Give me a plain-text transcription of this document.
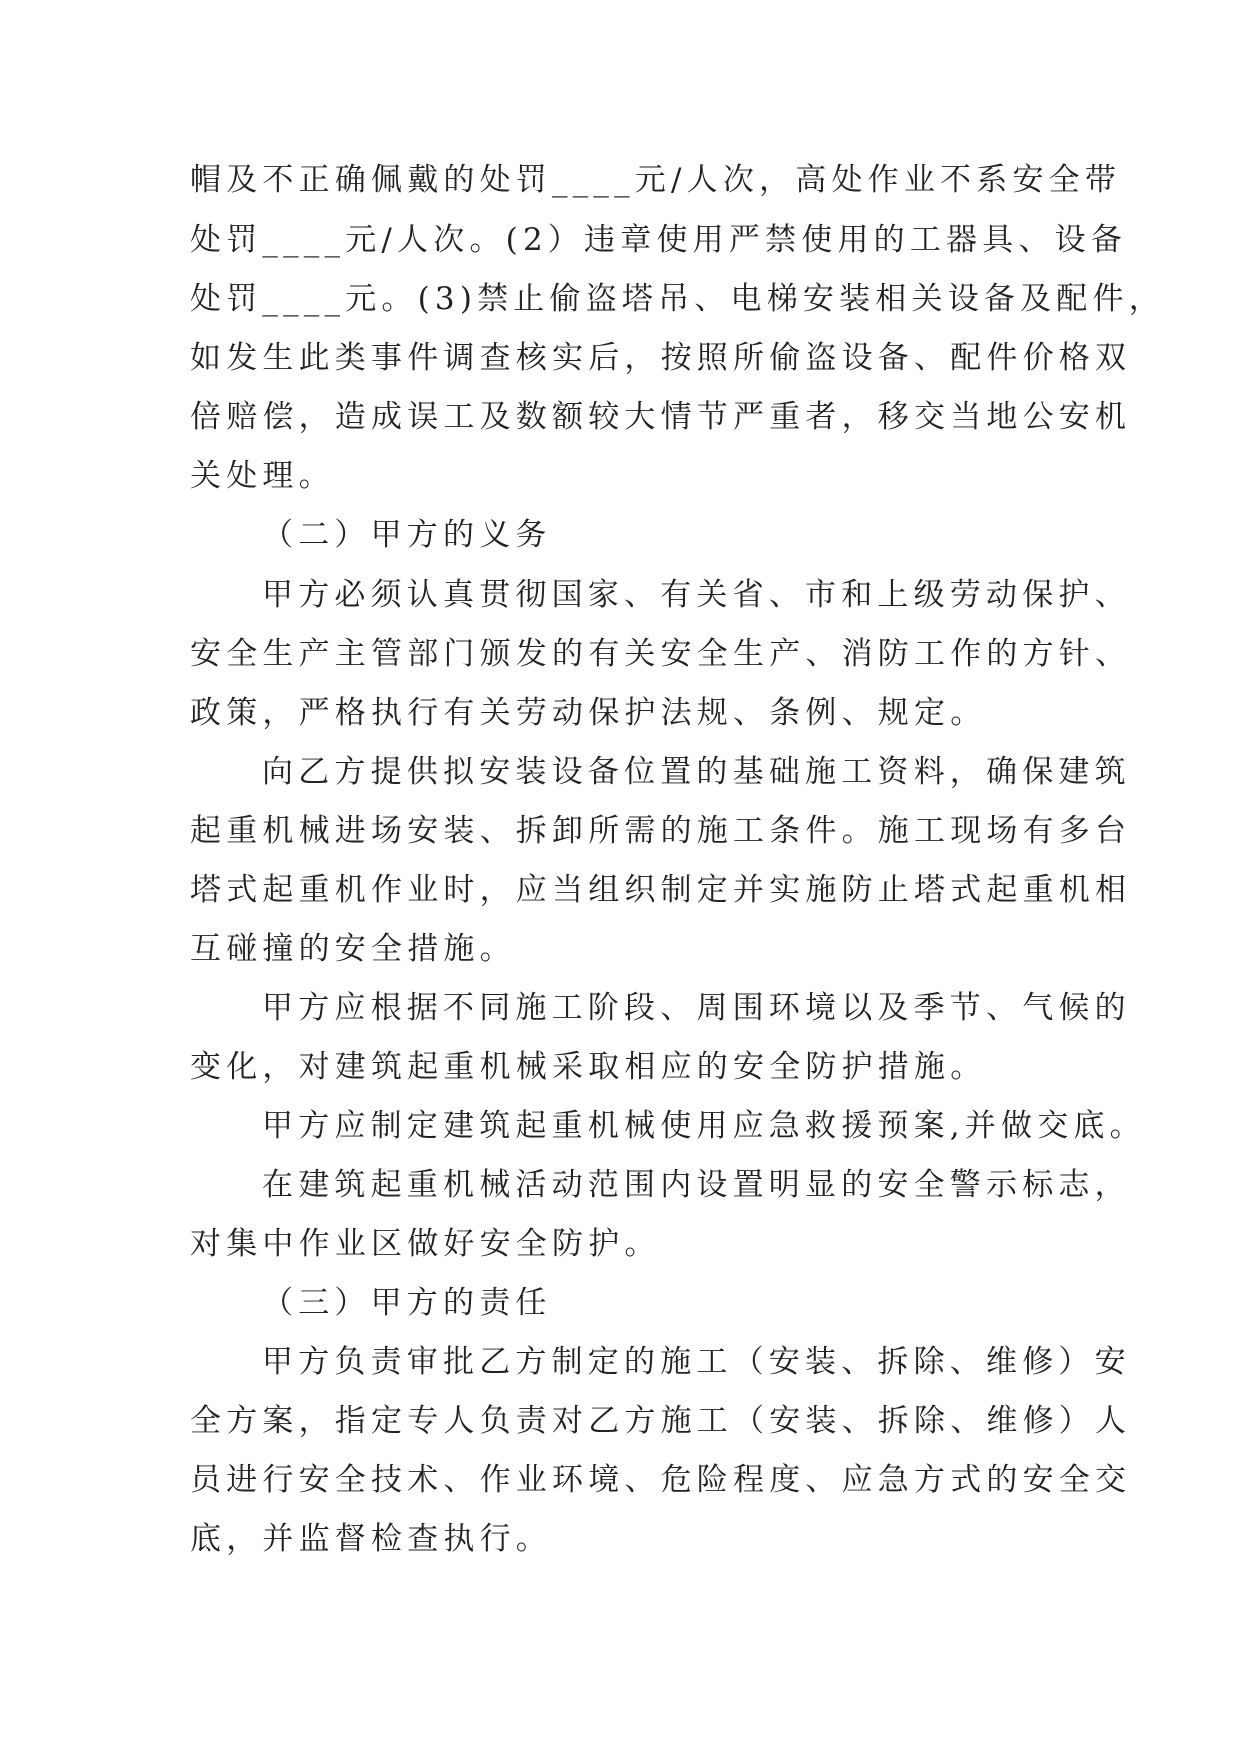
帽及不正确佩戴的处罚____元/人次，高处作业不系安全带
处罚____元/人次。(2）违章使用严禁使用的工器具、设备
处罚____元。(3)禁止偷盗塔吊、电梯安装相关设备及配件，
如发生此类事件调查核实后，按照所偷盗设备、配件价格双
倍赔偿，造成误工及数额较大情节严重者，移交当地公安机
关处理。
（二）甲方的义务
甲方必须认真贯彻国家、有关省、市和上级劳动保护、
安全生产主管部门颁发的有关安全生产、消防工作的方针、
政策，严格执行有关劳动保护法规、条例、规定。
向乙方提供拟安装设备位置的基础施工资料，确保建筑
起重机械进场安装、拆卸所需的施工条件。施工现场有多台
塔式起重机作业时，应当组织制定并实施防止塔式起重机相
互碰撞的安全措施。
甲方应根据不同施工阶段、周围环境以及季节、气候的
变化，对建筑起重机械采取相应的安全防护措施。
甲方应制定建筑起重机械使用应急救援预案,并做交底。
在建筑起重机械活动范围内设置明显的安全警示标志，
对集中作业区做好安全防护。
（三）甲方的责任
甲方负责审批乙方制定的施工（安装、拆除、维修）安
全方案，指定专人负责对乙方施工（安装、拆除、维修）人
员进行安全技术、作业环境、危险程度、应急方式的安全交
底，并监督检查执行。
